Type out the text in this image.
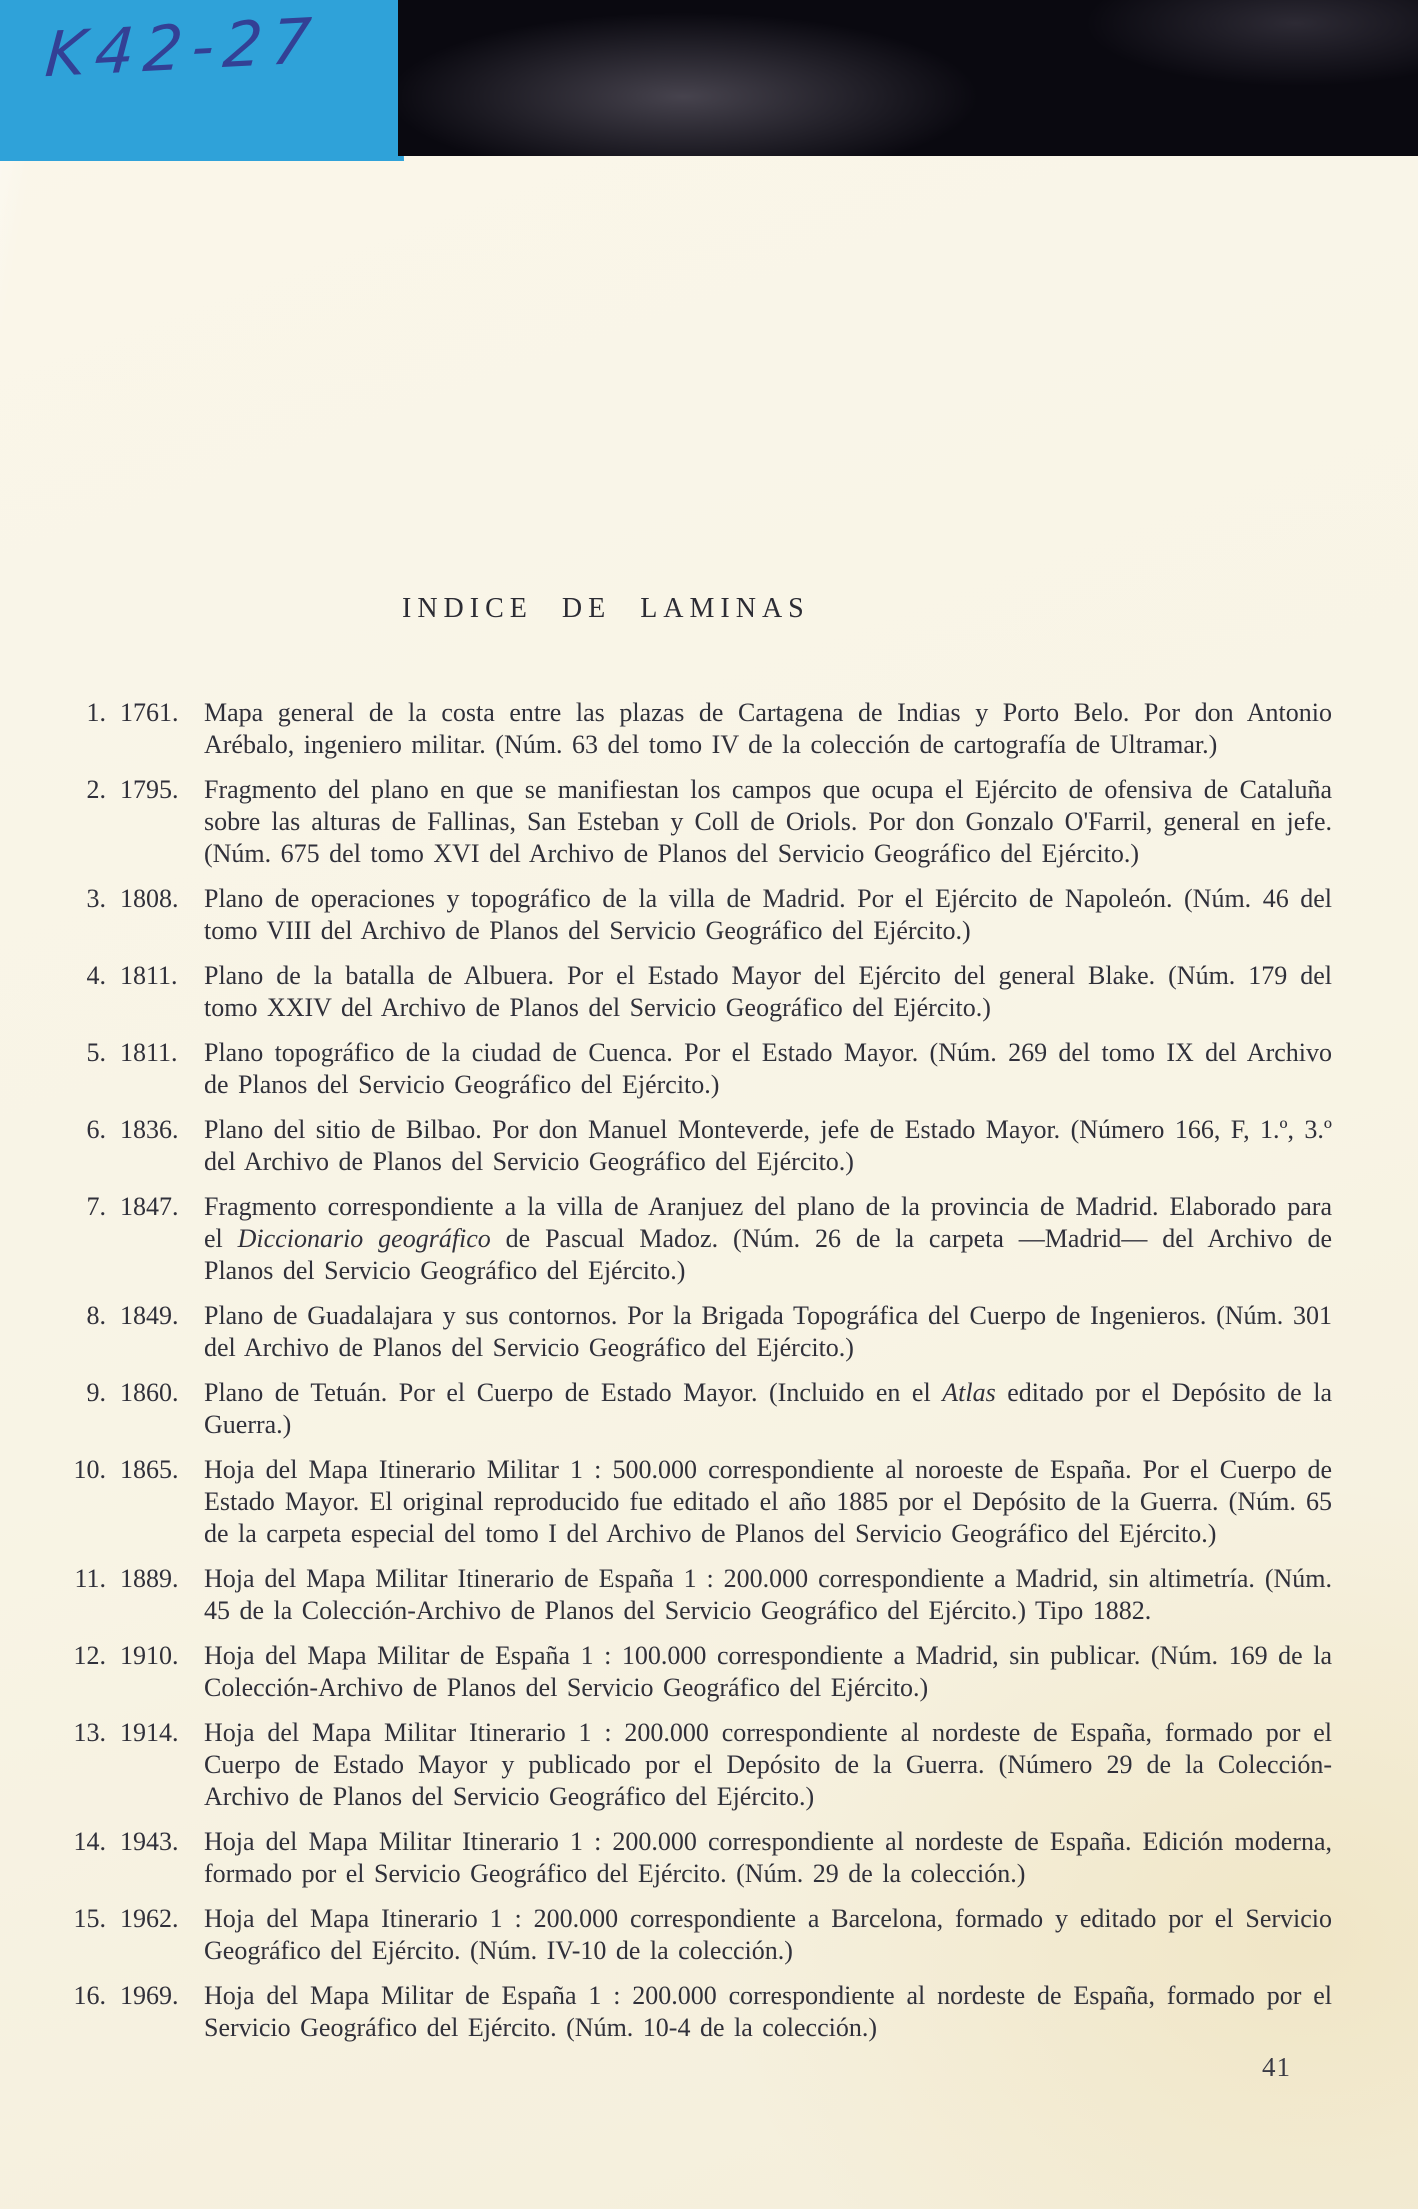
K42-27
INDICE DE LAMINAS
1. 1761. Mapa general de la costa entre las plazas de Cartagena de Indias y Porto Belo. Por don Antonio Arébalo, ingeniero militar. (Núm. 63 del tomo IV de la colección de cartografía de Ultramar.)
2. 1795. Fragmento del plano en que se manifiestan los campos que ocupa el Ejército de ofensiva de Cataluña sobre las alturas de Fallinas, San Esteban y Coll de Oriols. Por don Gonzalo O'Farril, general en jefe. (Núm. 675 del tomo XVI del Archivo de Planos del Servicio Geográfico del Ejército.)
3. 1808. Plano de operaciones y topográfico de la villa de Madrid. Por el Ejército de Napoleón. (Núm. 46 del tomo VIII del Archivo de Planos del Servicio Geográfico del Ejército.)
4. 1811.	Plano de la batalla de Albuera. Por el Estado Mayor del Ejército del general Blake. (Núm. 179 del tomo XXIV del Archivo de Planos del Servicio Geográfico del Ejército.)
5. 1811.	Plano topográfico de la ciudad de Cuenca. Por el Estado Mayor. (Núm. 269 del tomo IX del Archivo de Planos del Servicio Geográfico del Ejército.)
6. 1836. Plano del sitio de Bilbao. Por don Manuel Monteverde, jefe de Estado Mayor. (Número 166, F, 1.º, 3.º del Archivo de Planos del Servicio Geográfico del Ejército.)
7. 1847. Fragmento correspondiente a la villa de Aranjuez del plano de la provincia de Madrid. Elaborado para el Diccionario geográfico de Pascual Madoz. (Núm. 26 de la carpeta —Madrid— del Archivo de Planos del Servicio Geográfico del Ejército.)
8. 1849. Plano de Guadalajara y sus contornos. Por la Brigada Topográfica del Cuerpo de Ingenieros. (Núm. 301 del Archivo de Planos del Servicio Geográfico del Ejército.)
9. 1860. Plano de Tetuán. Por el Cuerpo de Estado Mayor. (Incluido en el Atlas editado por el Depósito de la Guerra.)
10. 1865. Hoja del Mapa Itinerario Militar 1 : 500.000 correspondiente al noroeste de España. Por el Cuerpo de Estado Mayor. El original reproducido fue editado el año 1885 por el Depósito de la Guerra. (Núm. 65 de la carpeta especial del tomo I del Archivo de Planos del Servicio Geográfico del Ejército.)
11. 1889. Hoja del Mapa Militar Itinerario de España 1 : 200.000 correspondiente a Madrid, sin altimetría. (Núm. 45 de la Colección-Archivo de Planos del Servicio Geográfico del Ejército.) Tipo 1882.
12. 1910. Hoja del Mapa Militar de España 1 : 100.000 correspondiente a Madrid, sin publicar. (Núm. 169 de la Colección-Archivo de Planos del Servicio Geográfico del Ejército.)
13. 1914. Hoja del Mapa Militar Itinerario 1 : 200.000 correspondiente al nordeste de España, formado por el Cuerpo de Estado Mayor y publicado por el Depósito de la Guerra. (Número 29 de la Colección-Archivo de Planos del Servicio Geográfico del Ejército.)
14. 1943. Hoja del Mapa Militar Itinerario 1 : 200.000 correspondiente al nordeste de España. Edición moderna, formado por el Servicio Geográfico del Ejército. (Núm. 29 de la colección.)
15. 1962. Hoja del Mapa Itinerario 1 : 200.000 correspondiente a Barcelona, formado y editado por el Servicio Geográfico del Ejército. (Núm. IV-10 de la colección.)
16. 1969. Hoja del Mapa Militar de España 1 : 200.000 correspondiente al nordeste de España, formado por el Servicio Geográfico del Ejército. (Núm. 10-4 de la colección.)
41
